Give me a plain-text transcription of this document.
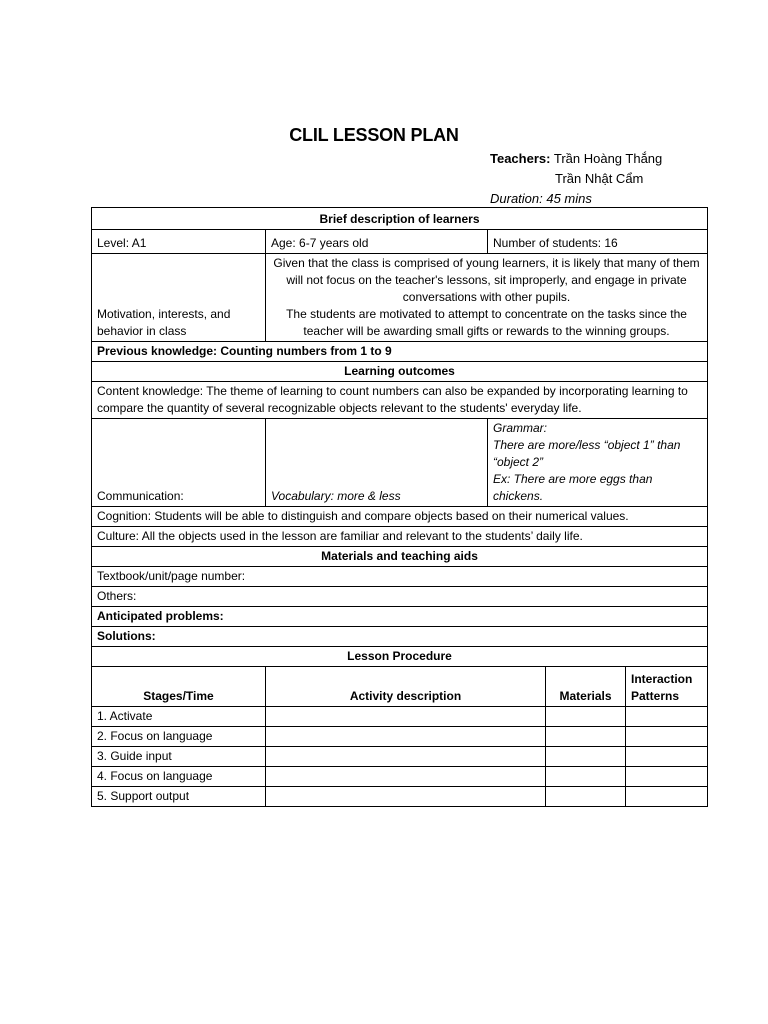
CLIL LESSON PLAN
Teachers: Trần Hoàng Thắng
Trần Nhật Cẩm
Duration: 45 mins
Brief description of learners				
Level: A1	Age: 6-7 years old	Number of students: 16		
Motivation, interests, and behavior in class	Given that the class is comprised of young learners, it is likely that many of them will not focus on the teacher's lessons, sit improperly, and engage in private conversations with other pupils.
The students are motivated to attempt to concentrate on the tasks since the teacher will be awarding small gifts or rewards to the winning groups.			

Previous knowledge: Counting numbers from 1 to 9				
Learning outcomes				
Content knowledge: The theme of learning to count numbers can also be expanded by incorporating learning to compare the quantity of several recognizable objects relevant to the students' everyday life.				
Communication:	Vocabulary: more & less	Grammar:
There are more/less “object 1” than “object 2”
Ex: There are more eggs than chickens.		

Cognition: Students will be able to distinguish and compare objects based on their numerical values.				
Culture: All the objects used in the lesson are familiar and relevant to the students’ daily life.				
Materials and teaching aids				
Textbook/unit/page number:				
Others:				
Anticipated problems:				
Solutions:				
Lesson Procedure				
Stages/Time	Activity description		Materials	Interaction Patterns
1. Activate				
2. Focus on language				
3. Guide input				
4. Focus on language				
5. Support output				
